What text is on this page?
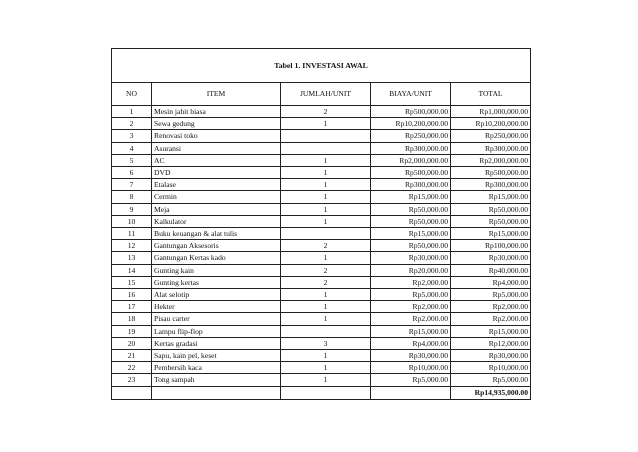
Tabel 1. INVESTASI AWAL				
NO	ITEM	JUMLAH/UNIT	BIAYA/UNIT	TOTAL
1	Mesin jahit biasa	2	Rp500,000.00	Rp1,000,000.00
2	Sewa gedung	1	Rp10,200,000.00	Rp10,200,000.00
3	Renovasi toko		Rp250,000.00	Rp250,000.00
4	Asuransi		Rp300,000.00	Rp300,000.00
5	AC	1	Rp2,000,000.00	Rp2,000,000.00
6	DVD	1	Rp500,000.00	Rp500,000.00
7	Etalase	1	Rp300,000.00	Rp300,000.00
8	Cermin	1	Rp15,000.00	Rp15,000.00
9	Meja	1	Rp50,000.00	Rp50,000.00
10	Kalkulator	1	Rp50,000.00	Rp50,000.00
11	Buku keuangan & alat tulis		Rp15,000.00	Rp15,000.00
12	Gantungan Aksesoris	2	Rp50,000.00	Rp100,000.00
13	Gantungan Kertas kado	1	Rp30,000.00	Rp30,000.00
14	Gunting kain	2	Rp20,000.00	Rp40,000.00
15	Gunting kertas	2	Rp2,000.00	Rp4,000.00
16	Alat selotip	1	Rp5,000.00	Rp5,000.00
17	Hekter	1	Rp2,000.00	Rp2,000.00
18	Pisau carter	1	Rp2,000.00	Rp2,000.00
19	Lampu flip-flop		Rp15,000.00	Rp15,000.00
20	Kertas gradasi	3	Rp4,000.00	Rp12,000.00
21	Sapu, kain pel, keset	1	Rp30,000.00	Rp30,000.00
22	Pembersih kaca	1	Rp10,000.00	Rp10,000.00
23	Tong sampah	1	Rp5,000.00	Rp5,000.00
				Rp14,935,000.00
